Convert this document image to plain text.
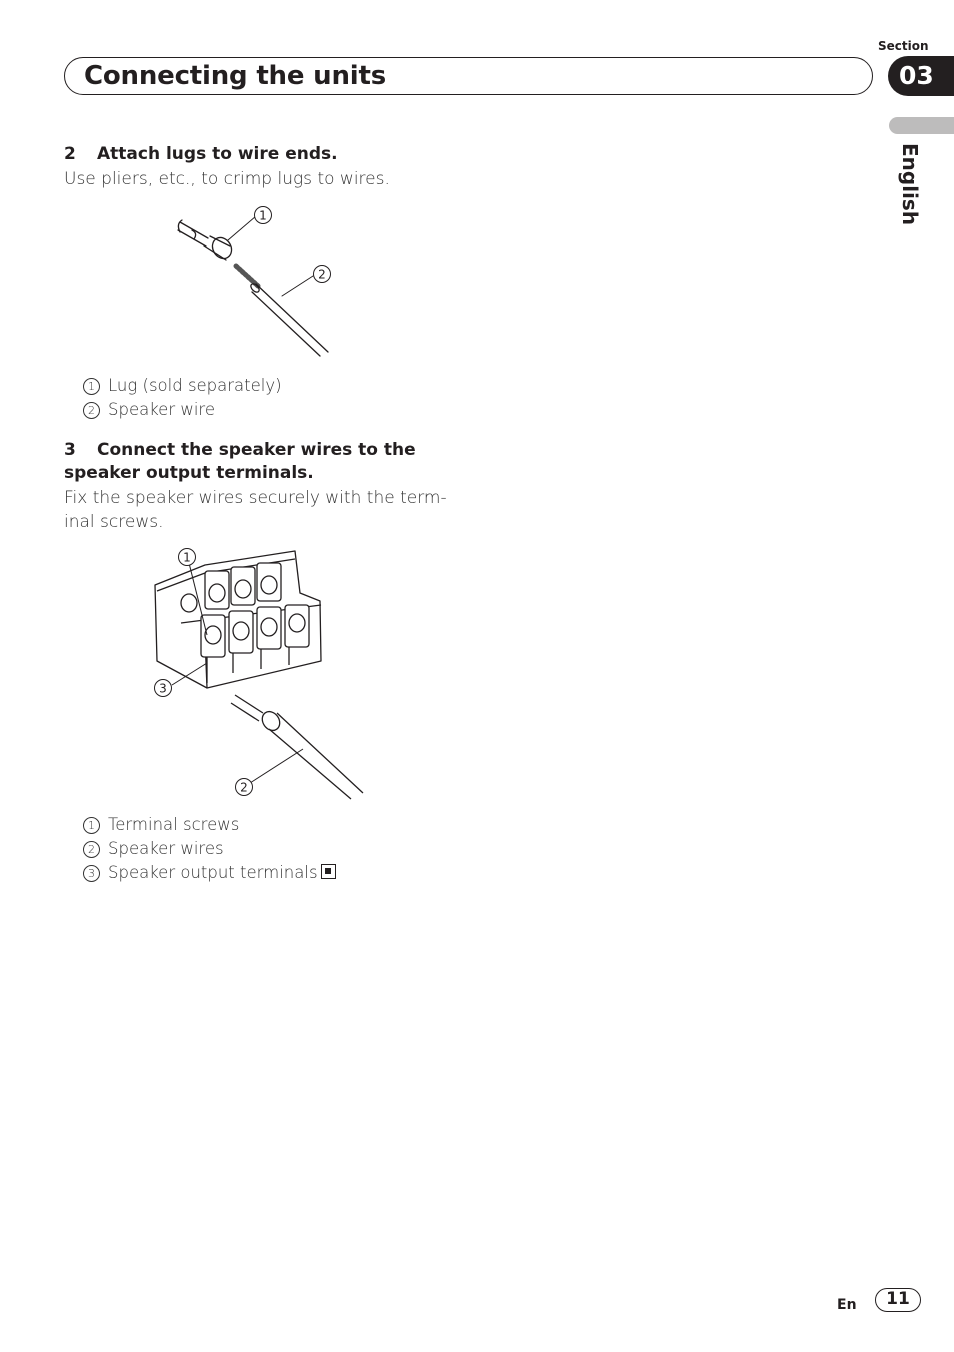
Section
Connecting the units	03
English
2 Attach lugs to wire ends.
Use pliers, etc., to crimp lugs to wires.
1
2
1 Lug (sold separately)
2 Speaker wire
3 Connect the speaker wires to the
speaker output terminals.
Fix the speaker wires securely with the term-
inal screws.
1
3
2
1 Terminal screws
2 Speaker wires
3 Speaker output terminals
En	11
